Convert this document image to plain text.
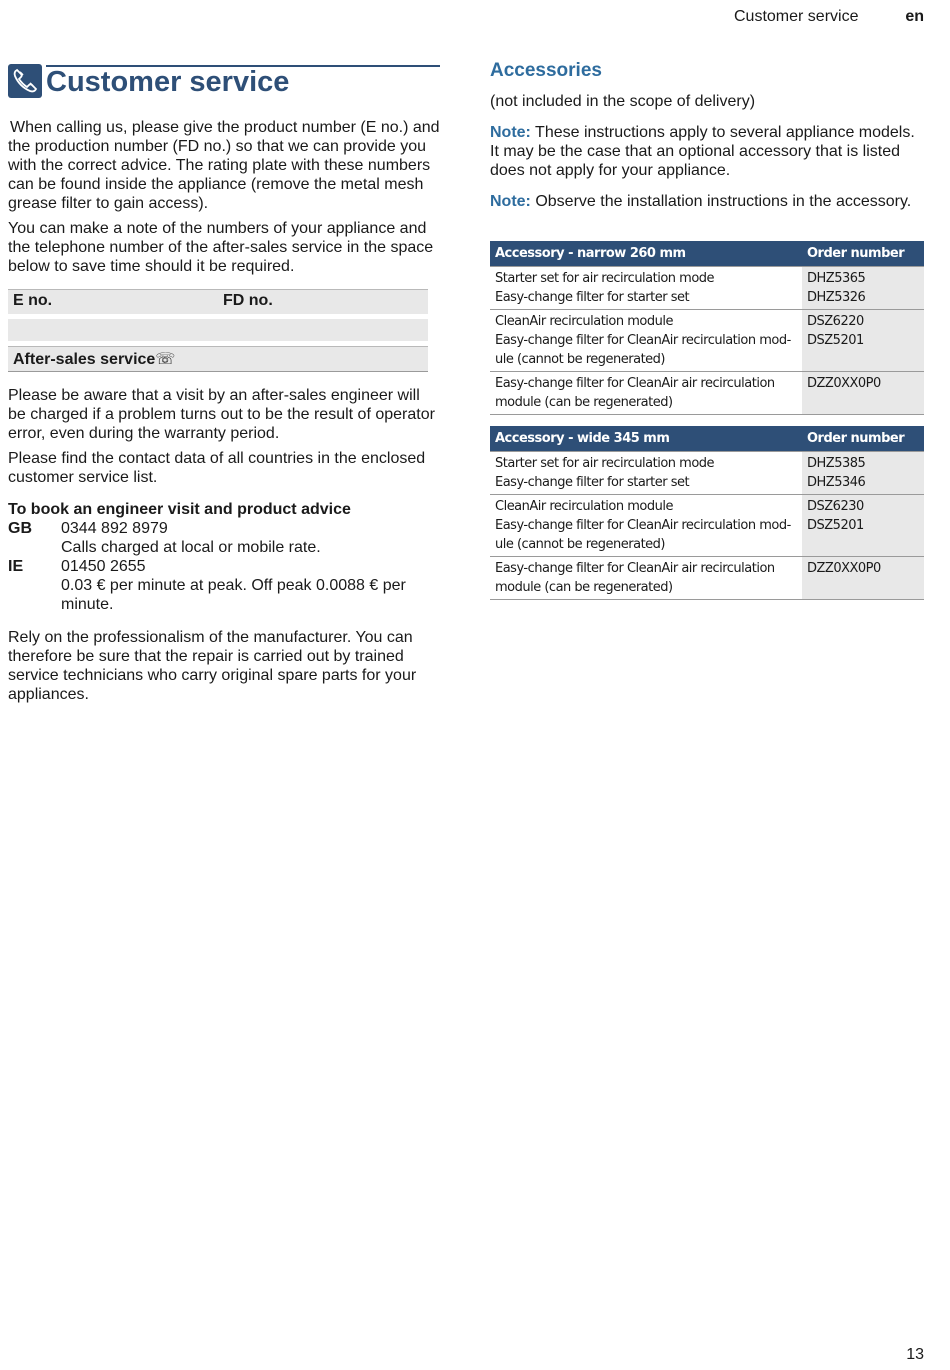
Customer service	en
Customer service

When calling us, please give the product number (E no.) and the production number (FD no.) so that we can provide you with the correct advice. The rating plate with these numbers can be found inside the appliance (remove the metal mesh grease filter to gain access).

You can make a note of the numbers of your appliance and the telephone number of the after-sales service in the space below to save time should it be required.

E no.	FD no.
After-sales service☏

Please be aware that a visit by an after-sales engineer will be charged if a problem turns out to be the result of operator error, even during the warranty period.

Please find the contact data of all countries in the enclosed customer service list.

To book an engineer visit and product advice
GB	0344 892 8979
Calls charged at local or mobile rate.
IE	01450 2655
0.03 € per minute at peak. Off peak 0.0088 € per minute.

Rely on the professionalism of the manufacturer. You can therefore be sure that the repair is carried out by trained service technicians who carry original spare parts for your appliances.

Accessories

(not included in the scope of delivery)

Note: These instructions apply to several appliance models. It may be the case that an optional accessory that is listed does not apply for your appliance.

Note: Observe the installation instructions in the accessory.

Accessory - narrow 260 mm	Order number

Starter set for air recirculation mode
Easy-change filter for starter set	DHZ5365
DHZ5326

CleanAir recirculation module
Easy-change filter for CleanAir recirculation mod-
ule (cannot be regenerated)	DSZ6220
DSZ5201

Easy-change filter for CleanAir air recirculation
module (can be regenerated)	DZZ0XX0P0
Accessory - wide 345 mm	Order number

Starter set for air recirculation mode
Easy-change filter for starter set	DHZ5385
DHZ5346

CleanAir recirculation module
Easy-change filter for CleanAir recirculation mod-
ule (cannot be regenerated)	DSZ6230
DSZ5201

Easy-change filter for CleanAir air recirculation
module (can be regenerated)	DZZ0XX0P0
13
